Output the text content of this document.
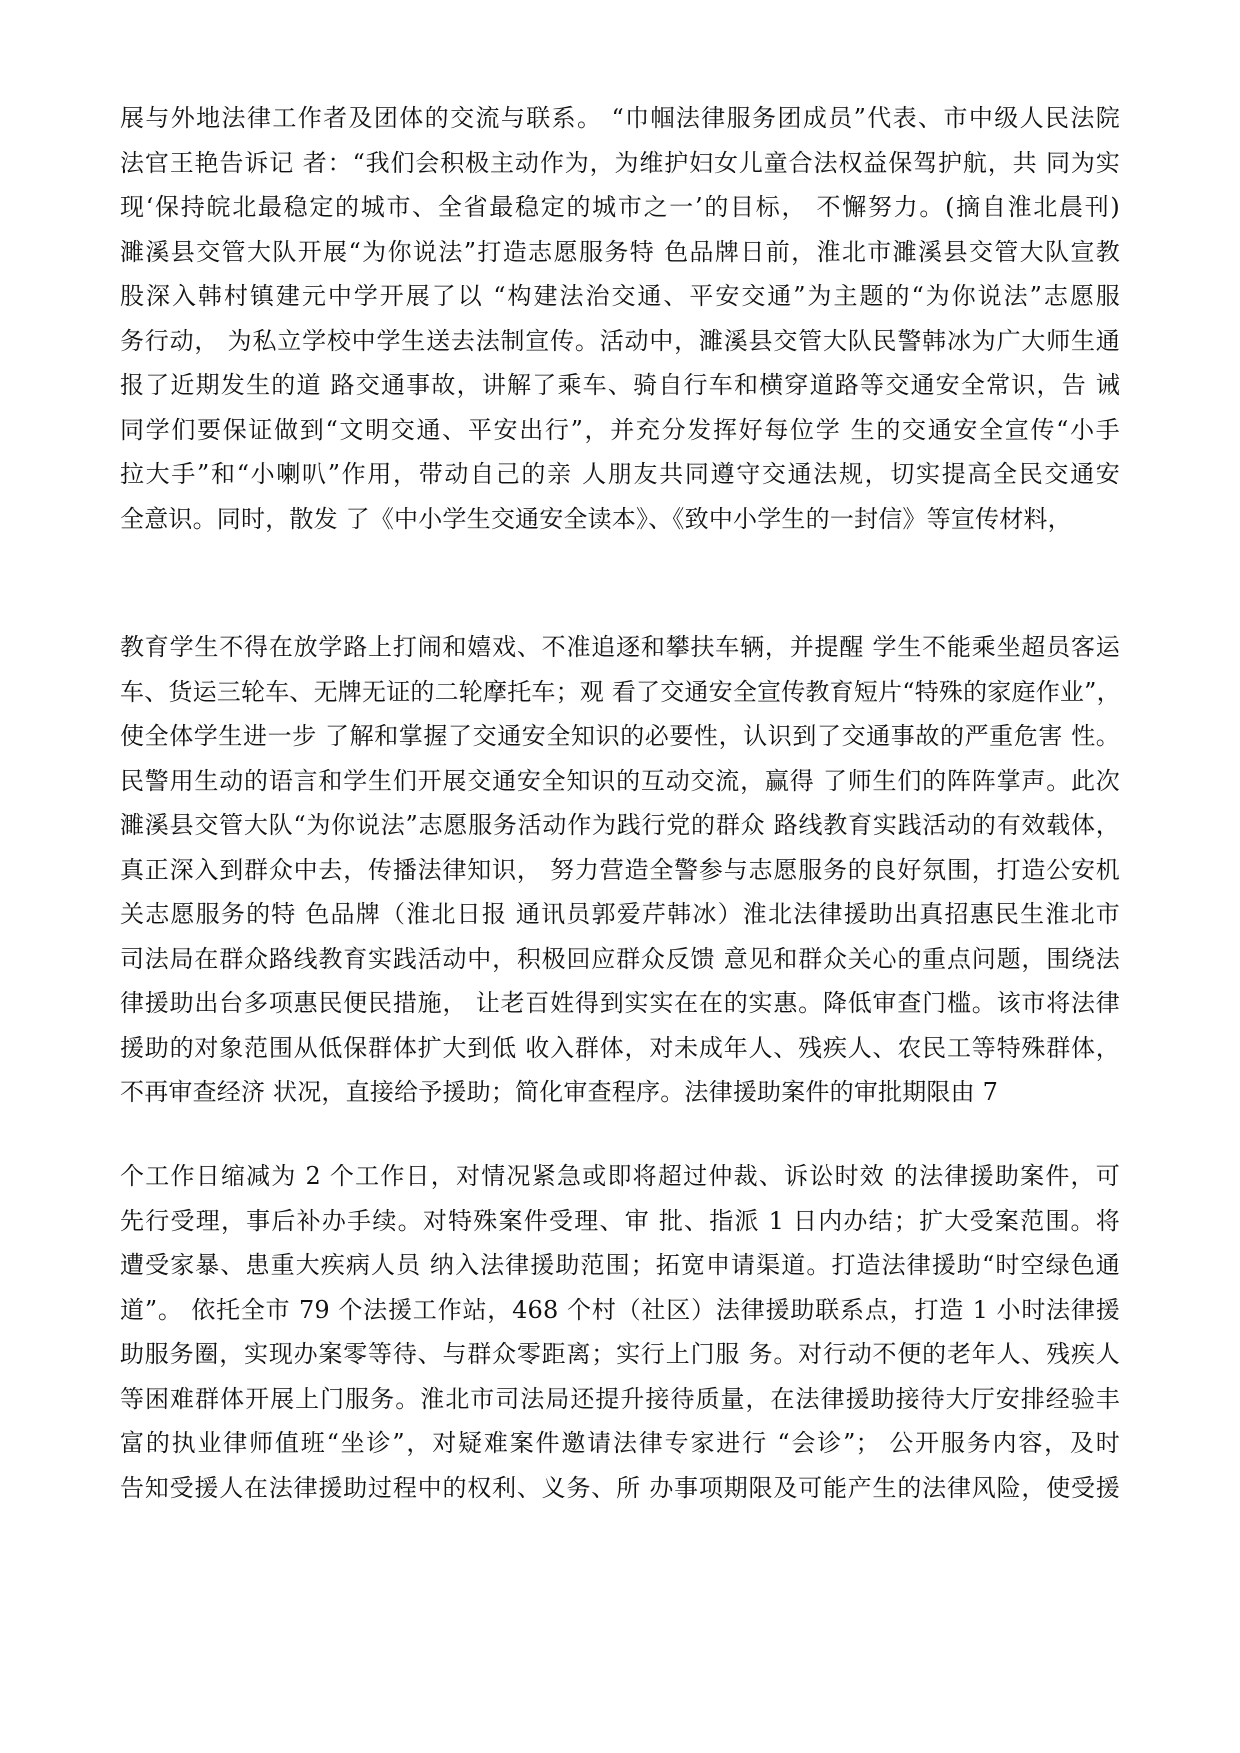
展与外地法律工作者及团体的交流与联系。 “巾帼法律服务团成员”代表、市中级人民法院
法官王艳告诉记 者：“我们会积极主动作为，为维护妇女儿童合法权益保驾护航，共 同为实
现‘保持皖北最稳定的城市、全省最稳定的城市之一’的目标， 不懈努力。(摘自淮北晨刊)
濉溪县交管大队开展“为你说法”打造志愿服务特 色品牌日前，淮北市濉溪县交管大队宣教
股深入韩村镇建元中学开展了以 “构建法治交通、平安交通”为主题的“为你说法”志愿服
务行动， 为私立学校中学生送去法制宣传。活动中，濉溪县交管大队民警韩冰为广大师生通
报了近期发生的道 路交通事故，讲解了乘车、骑自行车和横穿道路等交通安全常识，告 诫
同学们要保证做到“文明交通、平安出行”，并充分发挥好每位学 生的交通安全宣传“小手
拉大手”和“小喇叭”作用，带动自己的亲 人朋友共同遵守交通法规，切实提高全民交通安
全意识。同时，散发 了《中小学生交通安全读本》、《致中小学生的一封信》等宣传材料，
教育学生不得在放学路上打闹和嬉戏、不准追逐和攀扶车辆，并提醒 学生不能乘坐超员客运
车、货运三轮车、无牌无证的二轮摩托车；观 看了交通安全宣传教育短片“特殊的家庭作业”，
使全体学生进一步 了解和掌握了交通安全知识的必要性，认识到了交通事故的严重危害 性。
民警用生动的语言和学生们开展交通安全知识的互动交流，赢得 了师生们的阵阵掌声。此次
濉溪县交管大队“为你说法”志愿服务活动作为践行党的群众 路线教育实践活动的有效载体，
真正深入到群众中去，传播法律知识， 努力营造全警参与志愿服务的良好氛围，打造公安机
关志愿服务的特 色品牌（淮北日报 通讯员郭爱芹韩冰）淮北法律援助出真招惠民生淮北市
司法局在群众路线教育实践活动中，积极回应群众反馈 意见和群众关心的重点问题，围绕法
律援助出台多项惠民便民措施， 让老百姓得到实实在在的实惠。降低审查门槛。该市将法律
援助的对象范围从低保群体扩大到低 收入群体，对未成年人、残疾人、农民工等特殊群体，
不再审查经济 状况，直接给予援助；简化审查程序。法律援助案件的审批期限由 7
个工作日缩减为 2 个工作日，对情况紧急或即将超过仲裁、诉讼时效 的法律援助案件，可
先行受理，事后补办手续。对特殊案件受理、审 批、指派 1 日内办结；扩大受案范围。将
遭受家暴、患重大疾病人员 纳入法律援助范围；拓宽申请渠道。打造法律援助“时空绿色通
道”。 依托全市 79 个法援工作站，468 个村（社区）法律援助联系点，打造 1 小时法律援
助服务圈，实现办案零等待、与群众零距离；实行上门服 务。对行动不便的老年人、残疾人
等困难群体开展上门服务。淮北市司法局还提升接待质量，在法律援助接待大厅安排经验丰
富的执业律师值班“坐诊”，对疑难案件邀请法律专家进行 “会诊”； 公开服务内容，及时
告知受援人在法律援助过程中的权利、义务、所 办事项期限及可能产生的法律风险，使受援
